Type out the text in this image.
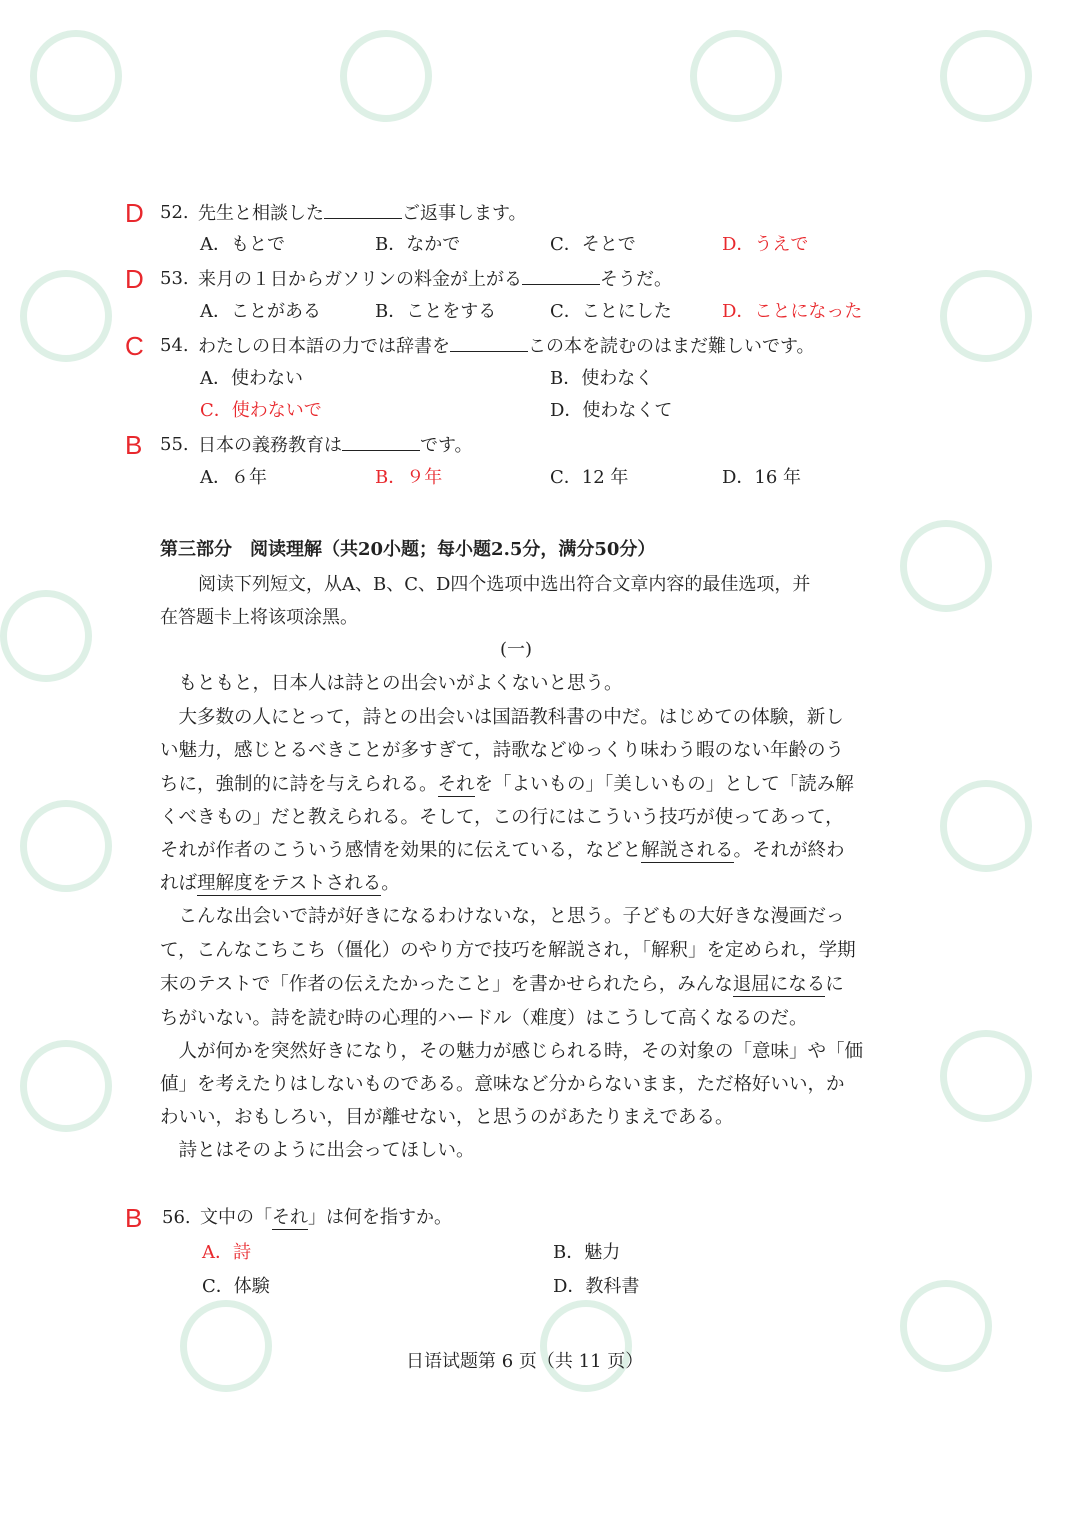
D 52. 先生と相談した	ご返事します。
A．もとで	B．なかで	C．そとで	D．うえで
D 53. 来月の１日からガソリンの料金が上がる	そうだ。
A．ことがある	B．ことをする	C．ことにした	D．ことになった
C 54. わたしの日本語の力では辞書を	この本を読むのはまだ難しいです。
A．使わない	B．使わなく
C．使わないで	D．使わなくて
B 55. 日本の義務教育は	です。
A．６年	B．９年	C．12 年	D．16 年
第三部分　阅读理解（共20小题；每小题2.5分，满分50分）
阅读下列短文，从A、B、C、D四个选项中选出符合文章内容的最佳选项，并
在答题卡上将该项涂黑。
(一)
　もともと，日本人は詩との出会いがよくないと思う。
　大多数の人にとって，詩との出会いは国語教科書の中だ。はじめての体験，新し
い魅力，感じとるべきことが多すぎて，詩歌などゆっくり味わう暇のない年齢のう
ちに，強制的に詩を与えられる。それを「よいもの」「美しいもの」として「読み解
くべきもの」だと教えられる。そして，この行にはこういう技巧が使ってあって，
それが作者のこういう感情を効果的に伝えている，などと解説される。それが終わ
れば理解度をテストされる。
　こんな出会いで詩が好きになるわけないな，と思う。子どもの大好きな漫画だっ
て，こんなこちこち（僵化）のやり方で技巧を解説され，「解釈」を定められ，学期
末のテストで「作者の伝えたかったこと」を書かせられたら，みんな退屈になるに
ちがいない。詩を読む時の心理的ハードル（难度）はこうして高くなるのだ。
　人が何かを突然好きになり，その魅力が感じられる時，その対象の「意味」や「価
値」を考えたりはしないものである。意味など分からないまま，ただ格好いい，か
わいい，おもしろい，目が離せない，と思うのがあたりまえである。
　詩とはそのように出会ってほしい。
B 56. 文中の「それ」は何を指すか。
A．詩	B．魅力
C．体験	D．教科書
日语试题第 6 页（共 11 页）
